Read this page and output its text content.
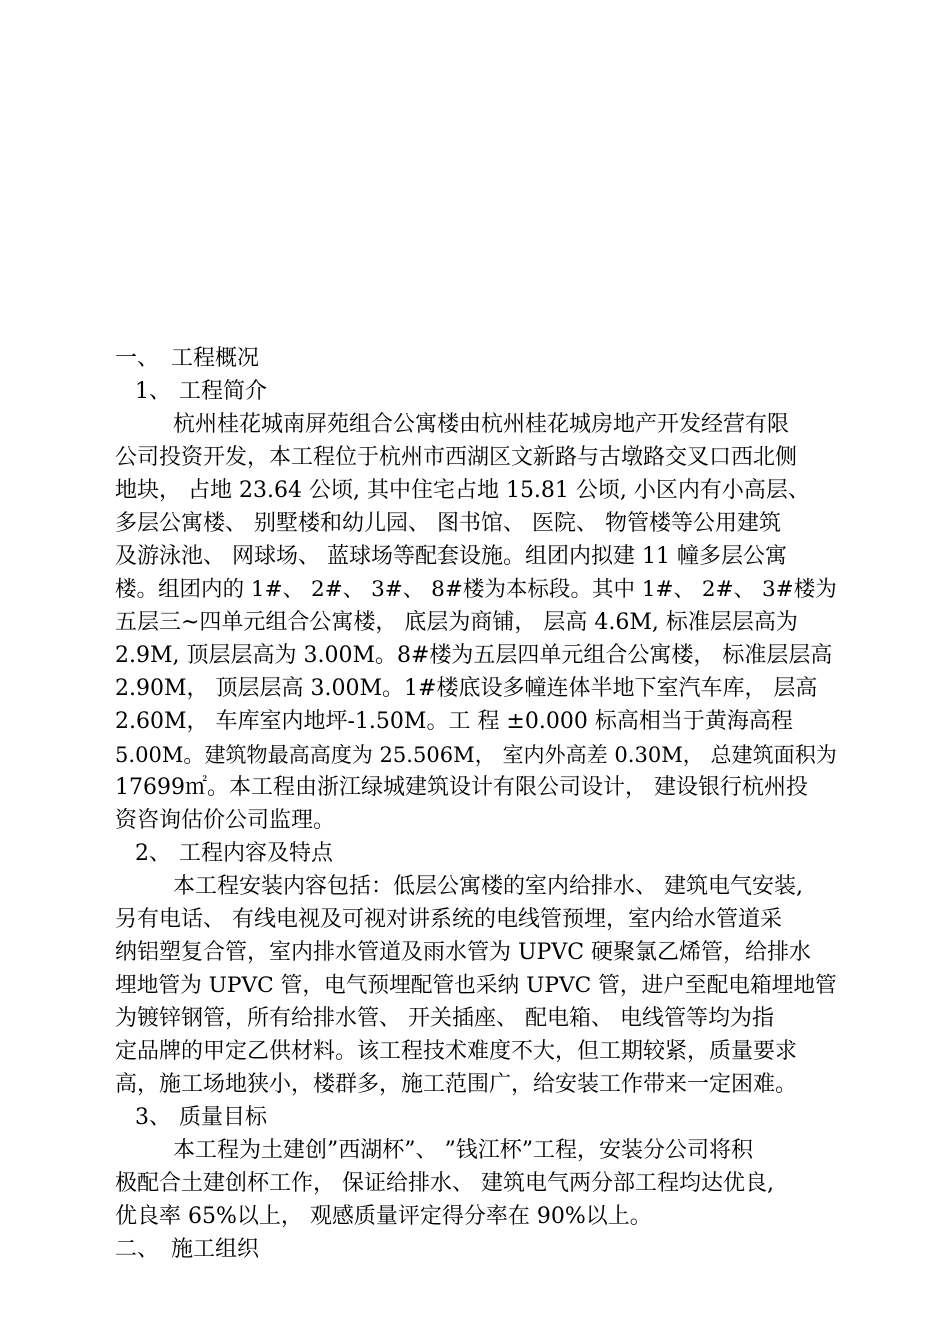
一、 工程概况
1、 工程简介
杭州桂花城南屏苑组合公寓楼由杭州桂花城房地产开发经营有限
公司投资开发，本工程位于杭州市西湖区文新路与古墩路交叉口西北侧
地块， 占地 23.64 公顷, 其中住宅占地 15.81 公顷, 小区内有小高层、
多层公寓楼、 别墅楼和幼儿园、 图书馆、 医院、 物管楼等公用建筑
及游泳池、 网球场、 蓝球场等配套设施。组团内拟建 11 幢多层公寓
楼。组团内的 1#、 2#、 3#、 8#楼为本标段。其中 1#、 2#、 3#楼为
五层三~四单元组合公寓楼， 底层为商铺， 层高 4.6M, 标准层层高为
2.9M, 顶层层高为 3.00M。8#楼为五层四单元组合公寓楼， 标准层层高
2.90M， 顶层层高 3.00M。1#楼底设多幢连体半地下室汽车库， 层高
2.60M， 车库室内地坪-1.50M。工 程 ±0.000 标高相当于黄海高程
5.00M。建筑物最高高度为 25.506M， 室内外高差 0.30M， 总建筑面积为
17699㎡。本工程由浙江绿城建筑设计有限公司设计， 建设银行杭州投
资咨询估价公司监理。
2、 工程内容及特点
本工程安装内容包括：低层公寓楼的室内给排水、 建筑电气安装,
另有电话、 有线电视及可视对讲系统的电线管预埋，室内给水管道采
纳铝塑复合管，室内排水管道及雨水管为 UPVC 硬聚氯乙烯管，给排水
埋地管为 UPVC 管，电气预埋配管也采纳 UPVC 管，进户至配电箱埋地管
为镀锌钢管，所有给排水管、 开关插座、 配电箱、 电线管等均为指
定品牌的甲定乙供材料。该工程技术难度不大，但工期较紧，质量要求
高，施工场地狭小，楼群多，施工范围广，给安装工作带来一定困难。
3、 质量目标
本工程为土建创”西湖杯”、 ”钱江杯”工程，安装分公司将积
极配合土建创杯工作， 保证给排水、 建筑电气两分部工程均达优良,
优良率 65%以上， 观感质量评定得分率在 90%以上。
二、 施工组织
